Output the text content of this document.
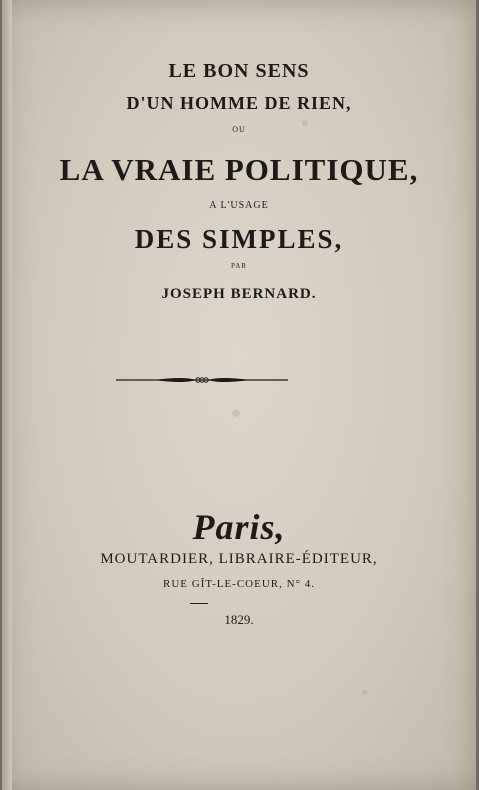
LE BON SENS
D'UN HOMME DE RIEN,
OU
LA VRAIE POLITIQUE,
A L'USAGE
DES SIMPLES,
PAR
JOSEPH BERNARD.
Paris,
MOUTARDIER, LIBRAIRE-ÉDITEUR,
RUE GÎT-LE-COEUR, N° 4.
1829.
